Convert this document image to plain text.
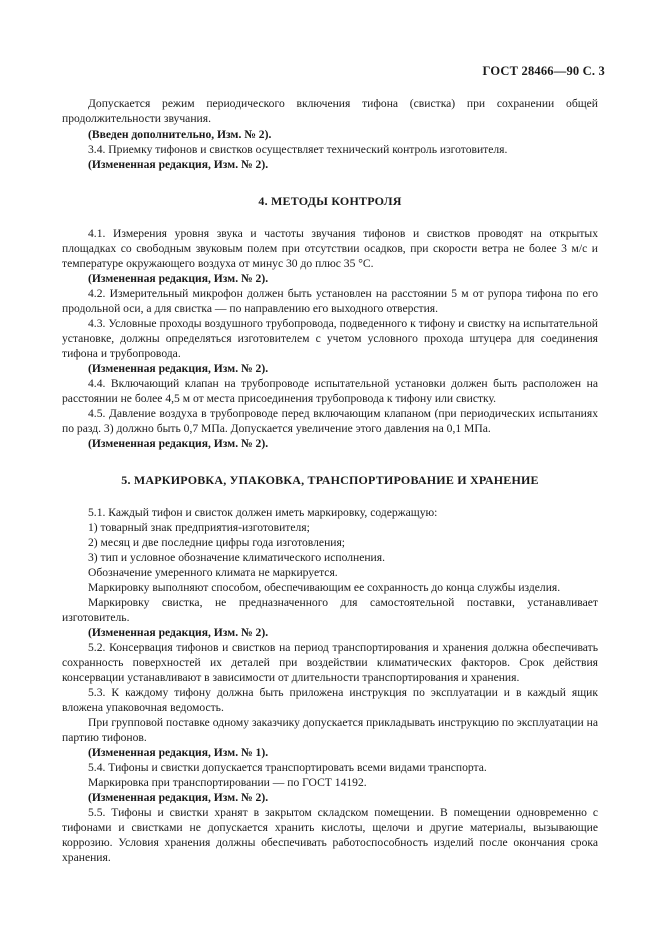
ГОСТ 28466—90 С. 3

Допускается режим периодического включения тифона (свистка) при сохранении общей продолжительности звучания.

(Введен дополнительно, Изм. № 2).

3.4. Приемку тифонов и свистков осуществляет технический контроль изготовителя.

(Измененная редакция, Изм. № 2).

4. МЕТОДЫ КОНТРОЛЯ

4.1. Измерения уровня звука и частоты звучания тифонов и свистков проводят на открытых площадках со свободным звуковым полем при отсутствии осадков, при скорости ветра не более 3 м/с и температуре окружающего воздуха от минус 30 до плюс 35 °С.

(Измененная редакция, Изм. № 2).

4.2. Измерительный микрофон должен быть установлен на расстоянии 5 м от рупора тифона по его продольной оси, а для свистка — по направлению его выходного отверстия.

4.3. Условные проходы воздушного трубопровода, подведенного к тифону и свистку на испытательной установке, должны определяться изготовителем с учетом условного прохода штуцера для соединения тифона и трубопровода.

(Измененная редакция, Изм. № 2).

4.4. Включающий клапан на трубопроводе испытательной установки должен быть расположен на расстоянии не более 4,5 м от места присоединения трубопровода к тифону или свистку.

4.5. Давление воздуха в трубопроводе перед включающим клапаном (при периодических испытаниях по разд. 3) должно быть 0,7 МПа. Допускается увеличение этого давления на 0,1 МПа.

(Измененная редакция, Изм. № 2).

5. МАРКИРОВКА, УПАКОВКА, ТРАНСПОРТИРОВАНИЕ И ХРАНЕНИЕ

5.1. Каждый тифон и свисток должен иметь маркировку, содержащую:

1) товарный знак предприятия-изготовителя;

2) месяц и две последние цифры года изготовления;

3) тип и условное обозначение климатического исполнения.

Обозначение умеренного климата не маркируется.

Маркировку выполняют способом, обеспечивающим ее сохранность до конца службы изделия.

Маркировку свистка, не предназначенного для самостоятельной поставки, устанавливает изготовитель.

(Измененная редакция, Изм. № 2).

5.2. Консервация тифонов и свистков на период транспортирования и хранения должна обеспечивать сохранность поверхностей их деталей при воздействии климатических факторов. Срок действия консервации устанавливают в зависимости от длительности транспортирования и хранения.

5.3. К каждому тифону должна быть приложена инструкция по эксплуатации и в каждый ящик вложена упаковочная ведомость.

При групповой поставке одному заказчику допускается прикладывать инструкцию по эксплуатации на партию тифонов.

(Измененная редакция, Изм. № 1).

5.4. Тифоны и свистки допускается транспортировать всеми видами транспорта.

Маркировка при транспортировании — по ГОСТ 14192.

(Измененная редакция, Изм. № 2).

5.5. Тифоны и свистки хранят в закрытом складском помещении. В помещении одновременно с тифонами и свистками не допускается хранить кислоты, щелочи и другие материалы, вызывающие коррозию. Условия хранения должны обеспечивать работоспособность изделий после окончания срока хранения.
